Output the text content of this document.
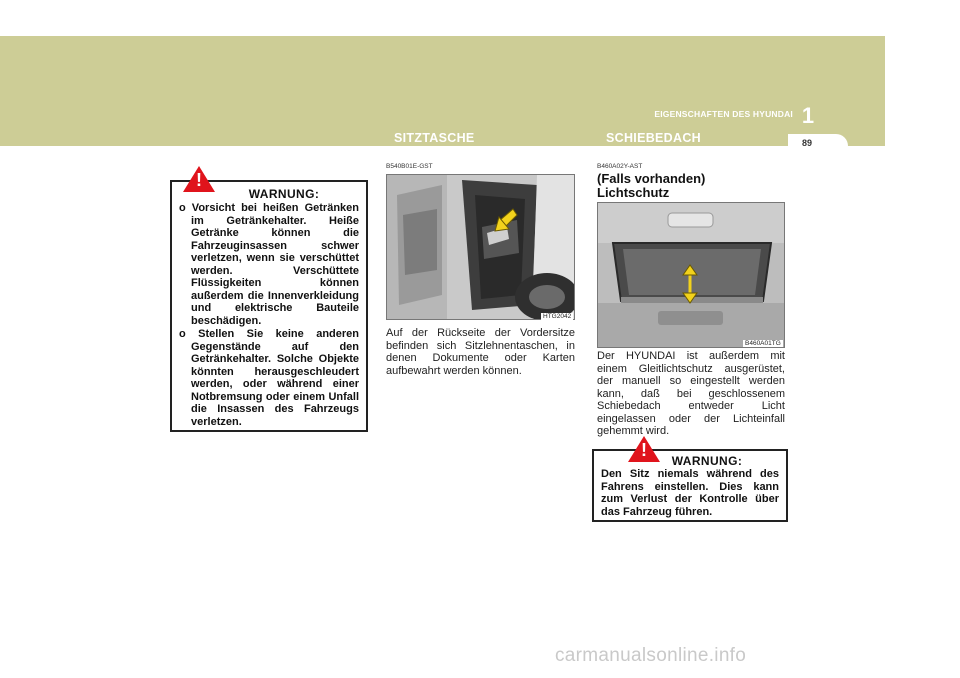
1
EIGENSCHAFTEN DES HYUNDAI
SITZTASCHE	SCHIEBEDACH	89
WARNUNG:
o Vorsicht bei heißen Getränken im Getränkehalter. Heiße Getränke können die Fahrzeuginsassen schwer verletzen, wenn sie verschüttet werden. Verschüttete Flüssigkeiten können außerdem die Innenverkleidung und elektrische Bauteile beschädigen.
o Stellen Sie keine anderen Gegenstände auf den Getränkehalter. Solche Objekte könnten herausgeschleudert werden, oder während einer Notbremsung oder einem Unfall die Insassen des Fahrzeugs verletzen.
!
B540B01E-GST
HTG2042
Auf der Rückseite der Vordersitze befinden sich Sitzlehnentaschen, in denen Dokumente oder Karten aufbewahrt werden können.
B460A02Y-AST
(Falls vorhanden) Lichtschutz
B460A01TG
Der HYUNDAI ist außerdem mit einem Gleitlichtschutz ausgerüstet, der manuell so eingestellt werden kann, daß bei geschlossenem Schiebedach entweder Licht eingelassen oder der Lichteinfall gehemmt wird.
WARNUNG:
Den Sitz niemals während des Fahrens einstellen. Dies kann zum Verlust der Kontrolle über das Fahrzeug führen.
!
carmanualsonline.info
